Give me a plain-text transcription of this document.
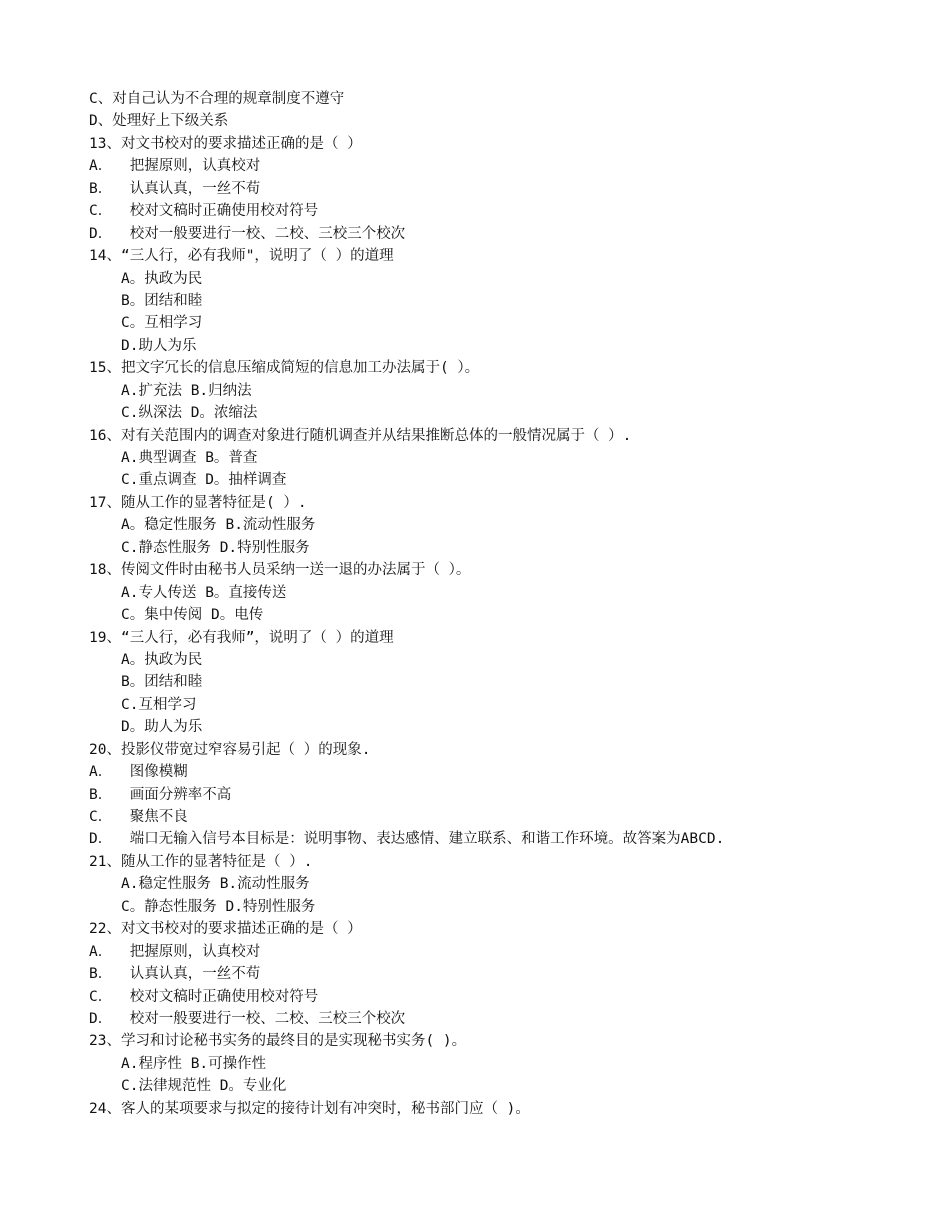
C、对自己认为不合理的规章制度不遵守
D、处理好上下级关系
13、对文书校对的要求描述正确的是（ ）
A．  把握原则，认真校对
B．  认真认真，一丝不苟
C．  校对文稿时正确使用校对符号
D．  校对一般要进行一校、二校、三校三个校次
14、“三人行，必有我师"，说明了（ ）的道理
A。执政为民
B。团结和睦
C。互相学习
D.助人为乐
15、把文字冗长的信息压缩成简短的信息加工办法属于( ）。
A.扩充法 B.归纳法
C.纵深法 D。浓缩法
16、对有关范围内的调查对象进行随机调查并从结果推断总体的一般情况属于（ ）.
A.典型调查 B。普查
C.重点调查 D。抽样调查
17、随从工作的显著特征是( ）.
A。稳定性服务 B.流动性服务
C.静态性服务 D.特别性服务
18、传阅文件时由秘书人员采纳一送一退的办法属于（ ）。
A.专人传送 B。直接传送
C。集中传阅 D。电传
19、“三人行，必有我师”，说明了（ ）的道理
A。执政为民
B。团结和睦
C.互相学习
D。助人为乐
20、投影仪带宽过窄容易引起（ ）的现象.
A．  图像模糊
B．  画面分辨率不高
C．  聚焦不良
D．  端口无输入信号本目标是：说明事物、表达感情、建立联系、和谐工作环境。故答案为ABCD.
21、随从工作的显著特征是（ ）.
A.稳定性服务 B.流动性服务
C。静态性服务 D.特别性服务
22、对文书校对的要求描述正确的是（ ）
A．  把握原则，认真校对
B．  认真认真，一丝不苟
C．  校对文稿时正确使用校对符号
D．  校对一般要进行一校、二校、三校三个校次
23、学习和讨论秘书实务的最终目的是实现秘书实务( )。
A.程序性 B.可操作性
C.法律规范性 D。专业化
24、客人的某项要求与拟定的接待计划有冲突时，秘书部门应（ )。
